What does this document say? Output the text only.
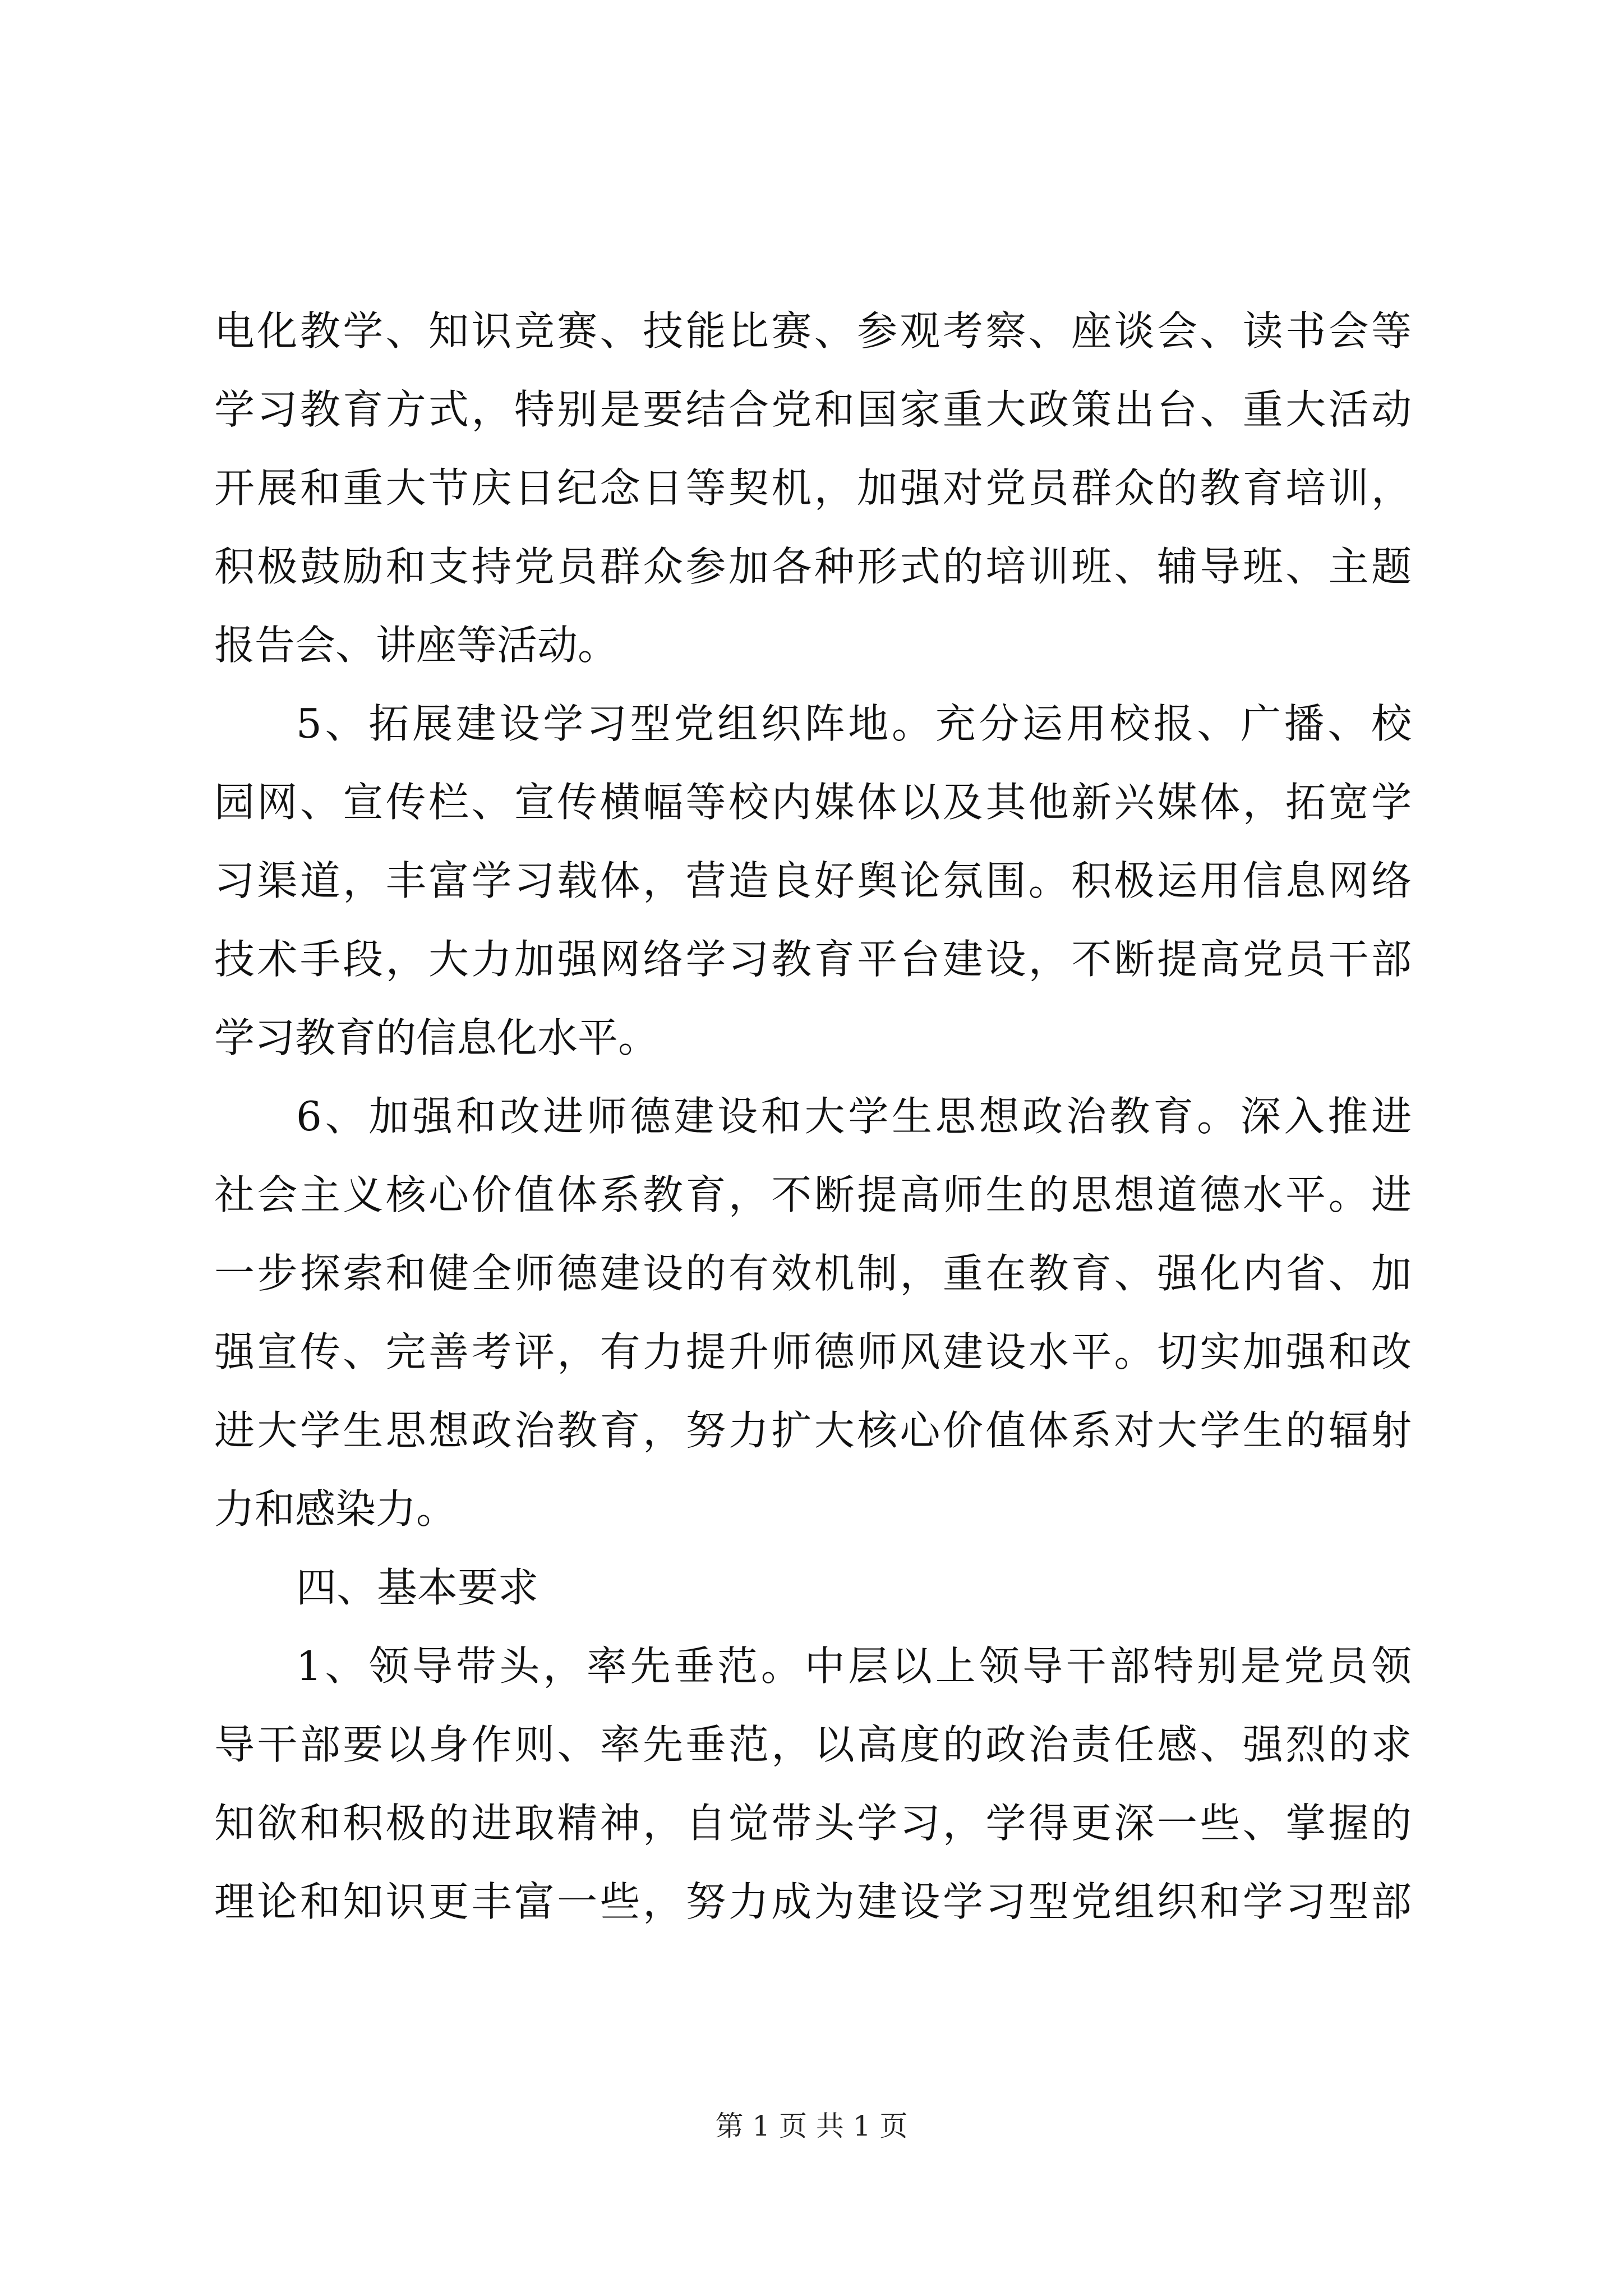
电化教学、知识竞赛、技能比赛、参观考察、座谈会、读书会等
学习教育方式，特别是要结合党和国家重大政策出台、重大活动
开展和重大节庆日纪念日等契机，加强对党员群众的教育培训，
积极鼓励和支持党员群众参加各种形式的培训班、辅导班、主题
报告会、讲座等活动。
5、拓展建设学习型党组织阵地。充分运用校报、广播、校
园网、宣传栏、宣传横幅等校内媒体以及其他新兴媒体，拓宽学
习渠道，丰富学习载体，营造良好舆论氛围。积极运用信息网络
技术手段，大力加强网络学习教育平台建设，不断提高党员干部
学习教育的信息化水平。
6、加强和改进师德建设和大学生思想政治教育。深入推进
社会主义核心价值体系教育，不断提高师生的思想道德水平。进
一步探索和健全师德建设的有效机制，重在教育、强化内省、加
强宣传、完善考评，有力提升师德师风建设水平。切实加强和改
进大学生思想政治教育，努力扩大核心价值体系对大学生的辐射
力和感染力。
四、基本要求
1、领导带头，率先垂范。中层以上领导干部特别是党员领
导干部要以身作则、率先垂范，以高度的政治责任感、强烈的求
知欲和积极的进取精神，自觉带头学习，学得更深一些、掌握的
理论和知识更丰富一些，努力成为建设学习型党组织和学习型部
第 1 页 共 1 页
